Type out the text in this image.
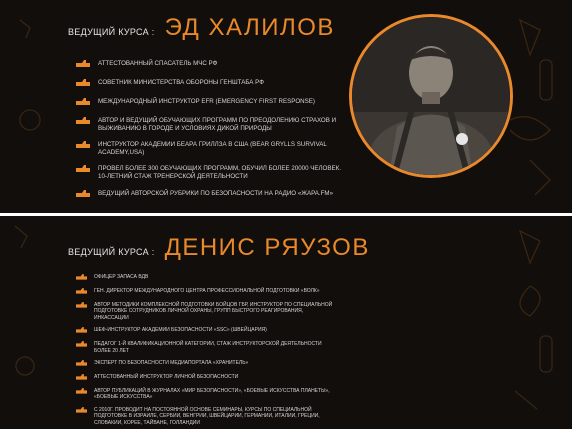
ВЕДУЩИЙ КУРСА : ЭД ХАЛИЛОВ
АТТЕСТОВАННЫЙ СПАСАТЕЛЬ МЧС РФ
СОВЕТНИК МИНИСТЕРСТВА ОБОРОНЫ ГЕНШТАБА РФ
МЕЖДУНАРОДНЫЙ ИНСТРУКТОР EFR (EMERGENCY FIRST RESPONSE)
АВТОР И ВЕДУЩИЙ ОБУЧАЮЩИХ ПРОГРАММ ПО ПРЕОДОЛЕНИЮ СТРАХОВ И ВЫЖИВАНИЮ В ГОРОДЕ И УСЛОВИЯХ ДИКОЙ ПРИРОДЫ
ИНСТРУКТОР АКАДЕМИИ БЕАРА ГРИЛЛЗА В США (BEAR GRYLLS SURVIVAL ACADEMY,USA)
ПРОВЕЛ БОЛЕЕ 300 ОБУЧАЮЩИХ ПРОГРАММ, ОБУЧИЛ БОЛЕЕ 20000 ЧЕЛОВЕК. 10-ЛЕТНИЙ СТАЖ ТРЕНЕРСКОЙ ДЕЯТЕЛЬНОСТИ
ВЕДУЩИЙ АВТОРСКОЙ РУБРИКИ ПО БЕЗОПАСНОСТИ НА РАДИО «ЖАРА.FM»
ВЕДУЩИЙ КУРСА : ДЕНИС РЯУЗОВ
ОФИЦЕР ЗАПАСА ВДВ
ГЕН. ДИРЕКТОР МЕЖДУНАРОДНОГО ЦЕНТРА ПРОФЕССИОНАЛЬНОЙ ПОДГОТОВКИ «ВОЛК»
АВТОР МЕТОДИКИ КОМПЛЕКСНОЙ ПОДГОТОВКИ БОЙЦОВ ГБР, ИНСТРУКТОР ПО СПЕЦИАЛЬНОЙ ПОДГОТОВКЕ СОТРУДНИКОВ ЛИЧНОЙ ОХРАНЫ, ГРУПП БЫСТРОГО РЕАГИРОВАНИЯ, ИНКАССАЦИИ
ШЕФ-ИНСТРУКТОР АКАДЕМИИ БЕЗОПАСНОСТИ «SSC» (ШВЕЙЦАРИЯ)
ПЕДАГОГ 1-Й КВАЛИФИКАЦИОННОЙ КАТЕГОРИИ, СТАЖ ИНСТРУКТОРСКОЙ ДЕЯТЕЛЬНОСТИ БОЛЕЕ 20 ЛЕТ
ЭКСПЕРТ ПО БЕЗОПАСНОСТИ МЕДИАПОРТАЛА «ХРАНИТЕЛЬ»
АТТЕСТОВАННЫЙ ИНСТРУКТОР ЛИЧНОЙ БЕЗОПАСНОСТИ
АВТОР ПУБЛИКАЦИЙ В ЖУРНАЛАХ «МИР БЕЗОПАСНОСТИ», «БОЕВЫЕ ИСКУССТВА ПЛАНЕТЫ», «БОЕВЫЕ ИСКУССТВА»
С 2010Г. ПРОВОДИТ НА ПОСТОЯННОЙ ОСНОВЕ СЕМИНАРЫ, КУРСЫ ПО СПЕЦИАЛЬНОЙ ПОДГОТОВКЕ В ИЗРАИЛЕ, СЕРБИИ, ВЕНГРИИ, ШВЕЙЦАРИИ, ГЕРМАНИИ, ИТАЛИИ, ГРЕЦИИ, СЛОВАКИИ, КОРЕЕ, ТАЙВАНЕ, ГОЛЛАНДИИ
